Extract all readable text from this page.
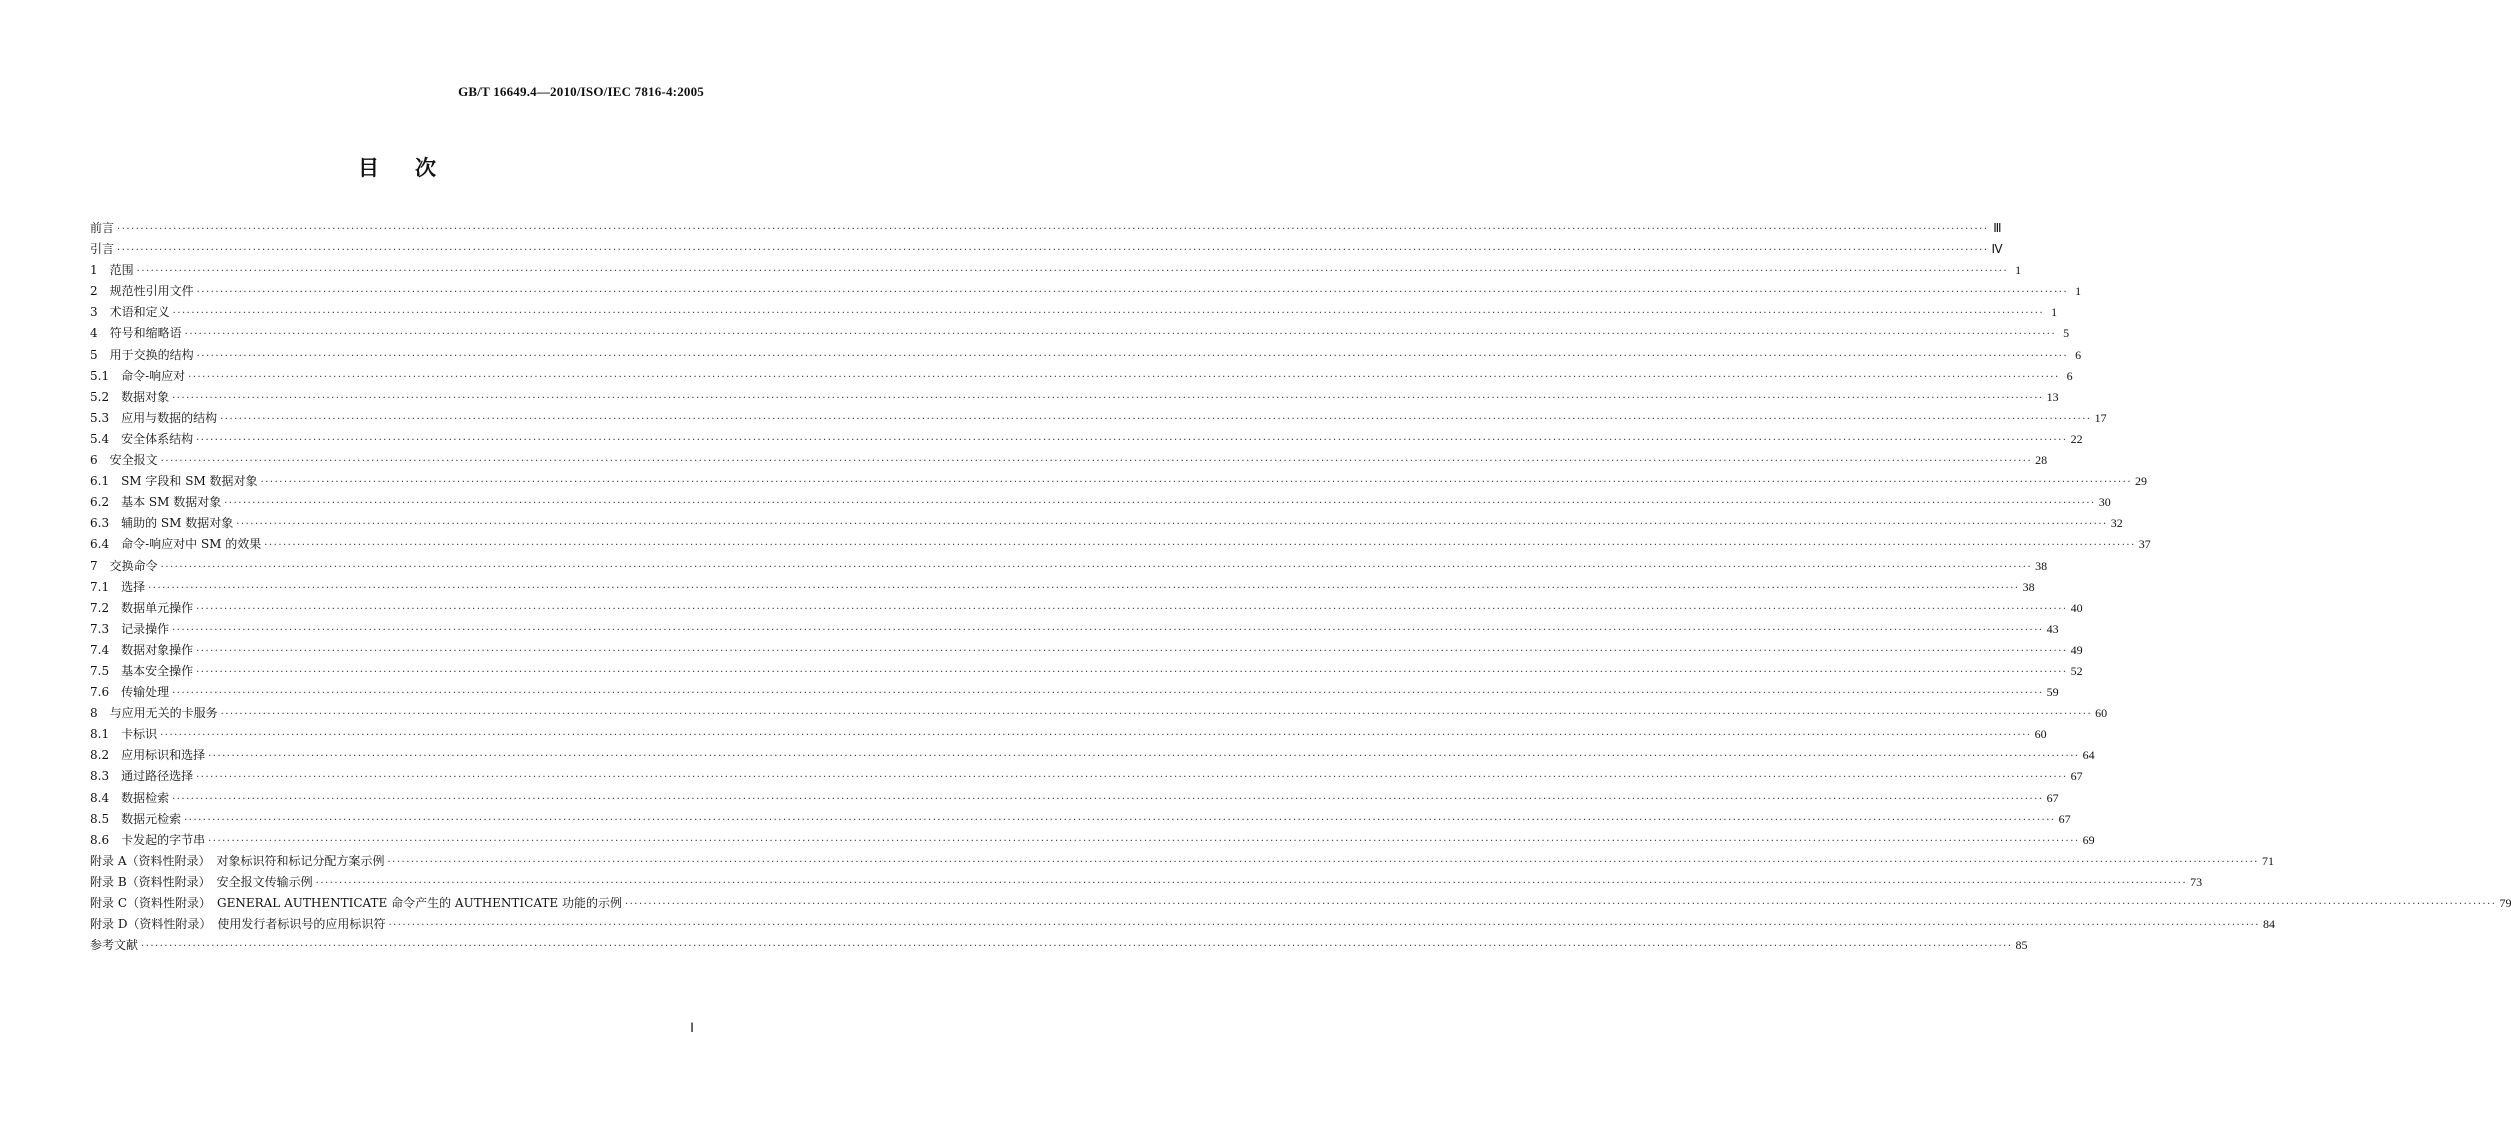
GB/T 16649.4—2010/ISO/IEC 7816-4:2005
目次
前言 ················································································································································································································································································································································································································ Ⅲ
引言 ················································································································································································································································································································································································································ Ⅳ
1　范围 ················································································································································································································································································································································································································ 1
2　规范性引用文件 ················································································································································································································································································································································································································ 1
3　术语和定义 ················································································································································································································································································································································································································ 1
4　符号和缩略语 ················································································································································································································································································································································································································ 5
5　用于交换的结构 ················································································································································································································································································································································································································ 6
5.1　命令-响应对 ················································································································································································································································································································································································································ 6
5.2　数据对象 ················································································································································································································································································································································································································ 13
5.3　应用与数据的结构 ················································································································································································································································································································································································································ 17
5.4　安全体系结构 ················································································································································································································································································································································································································ 22
6　安全报文 ················································································································································································································································································································································································································ 28
6.1　SM 字段和 SM 数据对象 ················································································································································································································································································································································································································ 29
6.2　基本 SM 数据对象 ················································································································································································································································································································································································································ 30
6.3　辅助的 SM 数据对象 ················································································································································································································································································································································································································ 32
6.4　命令-响应对中 SM 的效果 ················································································································································································································································································································································································································ 37
7　交换命令 ················································································································································································································································································································································································································ 38
7.1　选择 ················································································································································································································································································································································································································ 38
7.2　数据单元操作 ················································································································································································································································································································································································································ 40
7.3　记录操作 ················································································································································································································································································································································································································ 43
7.4　数据对象操作 ················································································································································································································································································································································································································ 49
7.5　基本安全操作 ················································································································································································································································································································································································································ 52
7.6　传输处理 ················································································································································································································································································································································································································ 59
8　与应用无关的卡服务 ················································································································································································································································································································································································································ 60
8.1　卡标识 ················································································································································································································································································································································································································ 60
8.2　应用标识和选择 ················································································································································································································································································································································································································ 64
8.3　通过路径选择 ················································································································································································································································································································································································································ 67
8.4　数据检索 ················································································································································································································································································································································································································ 67
8.5　数据元检索 ················································································································································································································································································································································································································ 67
8.6　卡发起的字节串 ················································································································································································································································································································································································································ 69
附录 A（资料性附录）　对象标识符和标记分配方案示例 ················································································································································································································································································································································································································ 71
附录 B（资料性附录）　安全报文传输示例 ················································································································································································································································································································································································································ 73
附录 C（资料性附录）　GENERAL AUTHENTICATE 命令产生的 AUTHENTICATE 功能的示例 ················································································································································································································································································································································································································ 79
附录 D（资料性附录）　使用发行者标识号的应用标识符 ················································································································································································································································································································································································································ 84
参考文献 ················································································································································································································································································································································································································ 85
Ⅰ
